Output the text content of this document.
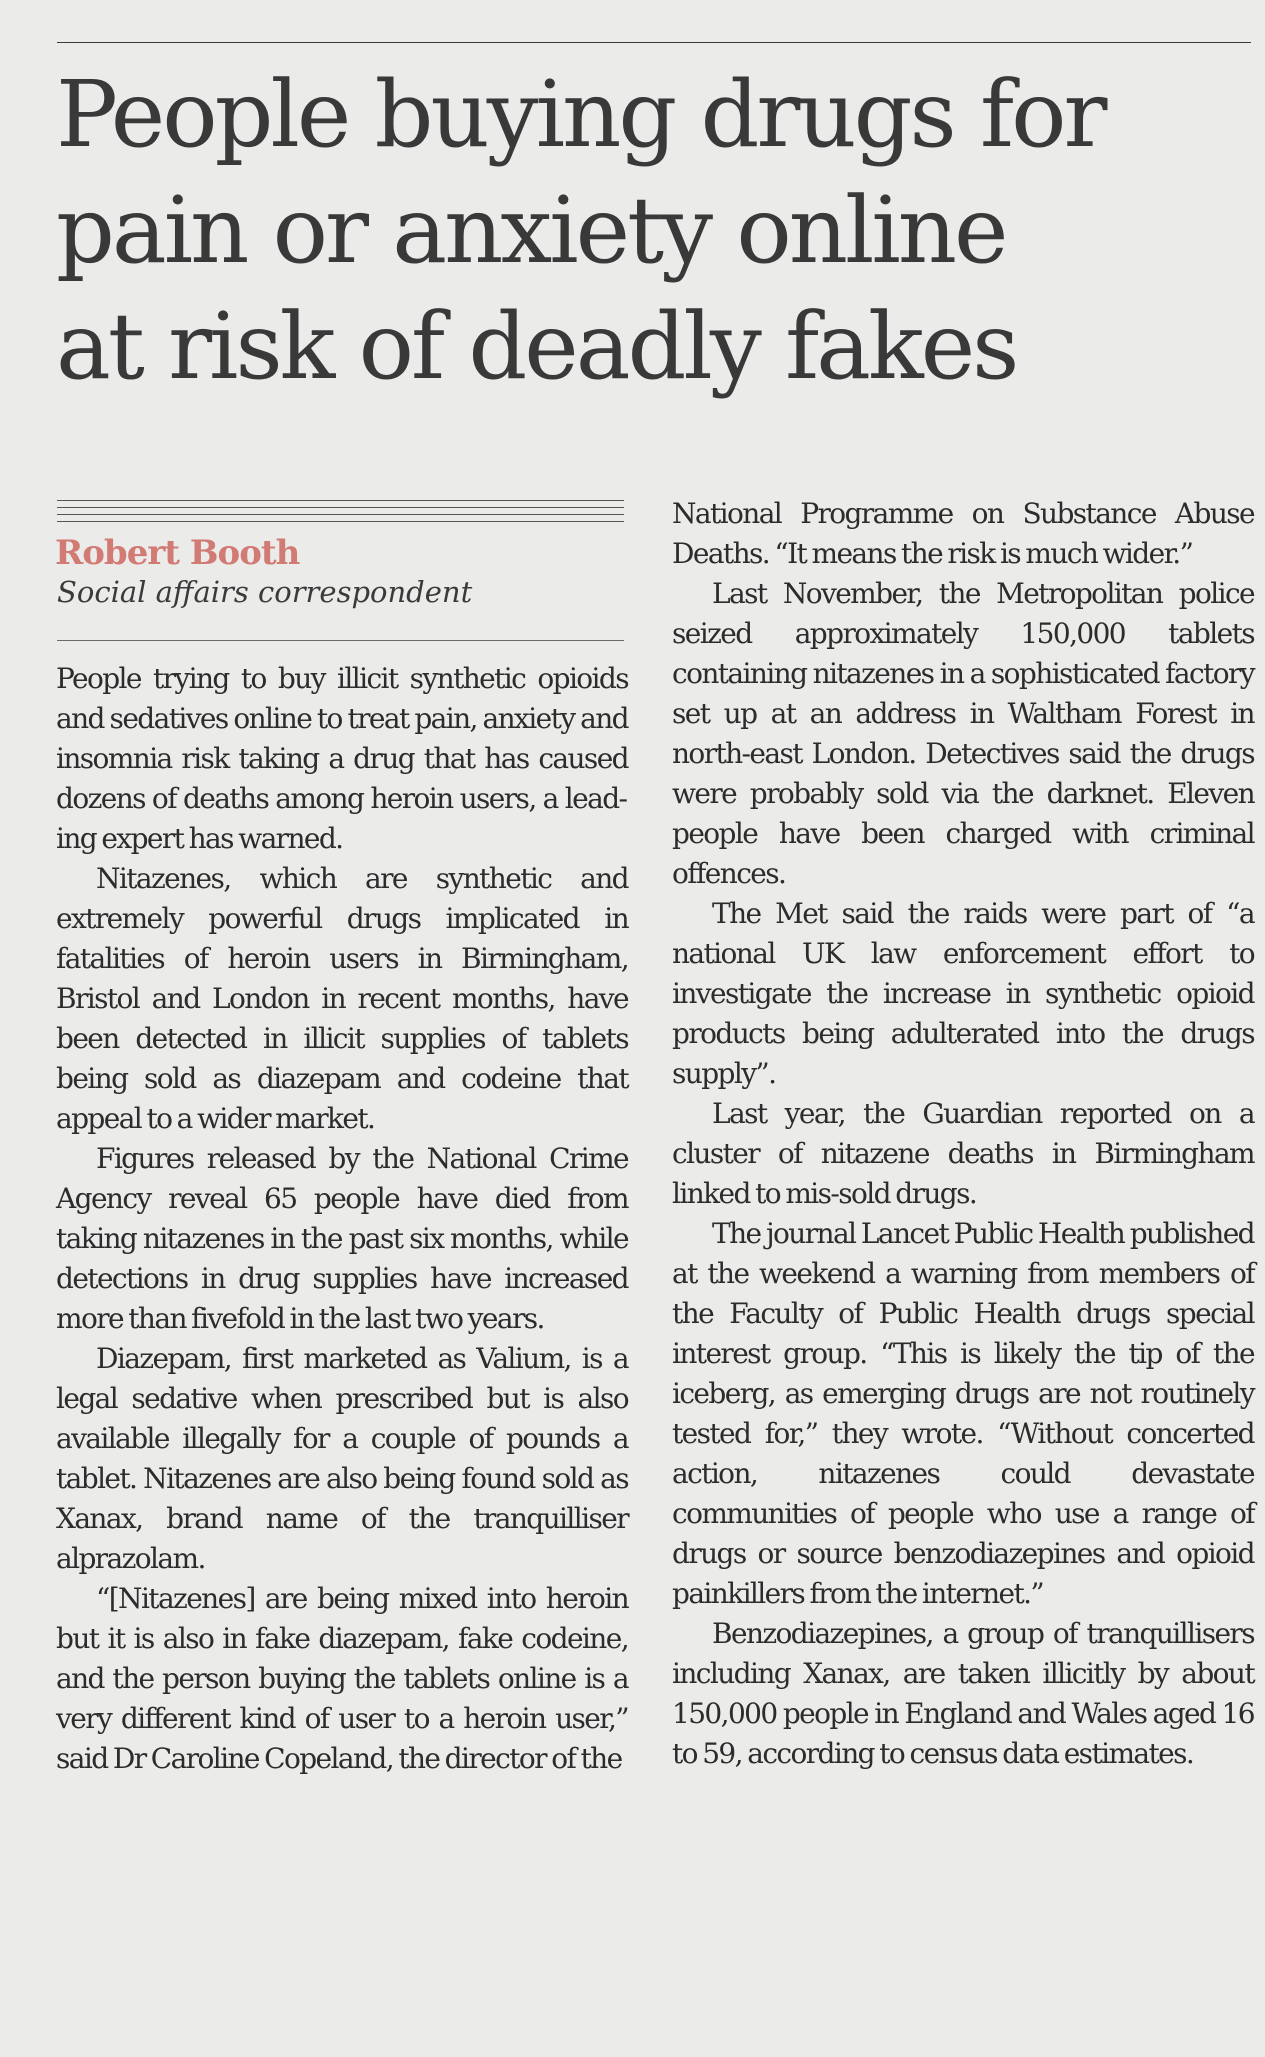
People buying drugs for
pain or anxiety online
at risk of deadly fakes
Robert Booth
Social affairs correspondent

People trying to buy illicit synthetic opioids and sedatives online to treat pain, anxiety and insomnia risk taking a drug that has caused dozens of deaths among heroin users, a leading expert has warned.

Nitazenes, which are synthetic and extremely powerful drugs implicated in fatalities of heroin users in Birmingham, Bristol and London in recent months, have been detected in illicit supplies of tablets being sold as diazepam and codeine that appeal to a wider market.

Figures released by the National Crime Agency reveal 65 people have died from taking nitazenes in the past six months, while detections in drug supplies have increased more than fivefold in the last two years.

Diazepam, first marketed as Valium, is a legal sedative when prescribed but is also available illegally for a couple of pounds a tablet. Nitazenes are also being found sold as Xanax, brand name of the tranquilliser alprazolam.

“[Nitazenes] are being mixed into heroin but it is also in fake diazepam, fake codeine, and the person buying the tablets online is a very different kind of user to a heroin user,” said Dr Caroline Copeland, the director of the

National Programme on Substance Abuse Deaths. “It means the risk is much wider.”

Last November, the Metropolitan police seized approximately 150,000 tablets containing nitazenes in a sophisticated factory set up at an address in Waltham Forest in north-east London. Detectives said the drugs were probably sold via the darknet. Eleven people have been charged with criminal offences.

The Met said the raids were part of “a national UK law enforcement effort to investigate the increase in synthetic opioid products being adulterated into the drugs supply”.

Last year, the Guardian reported on a cluster of nitazene deaths in Birmingham linked to mis-sold drugs.

The journal Lancet Public Health published at the weekend a warning from members of the Faculty of Public Health drugs special interest group. “This is likely the tip of the iceberg, as emerging drugs are not routinely tested for,” they wrote. “Without concerted action, nitazenes could devastate communities of people who use a range of drugs or source benzodiazepines and opioid painkillers from the internet.”

Benzodiazepines, a group of tranquillisers including Xanax, are taken illicitly by about 150,000 people in England and Wales aged 16 to 59, according to census data estimates.
